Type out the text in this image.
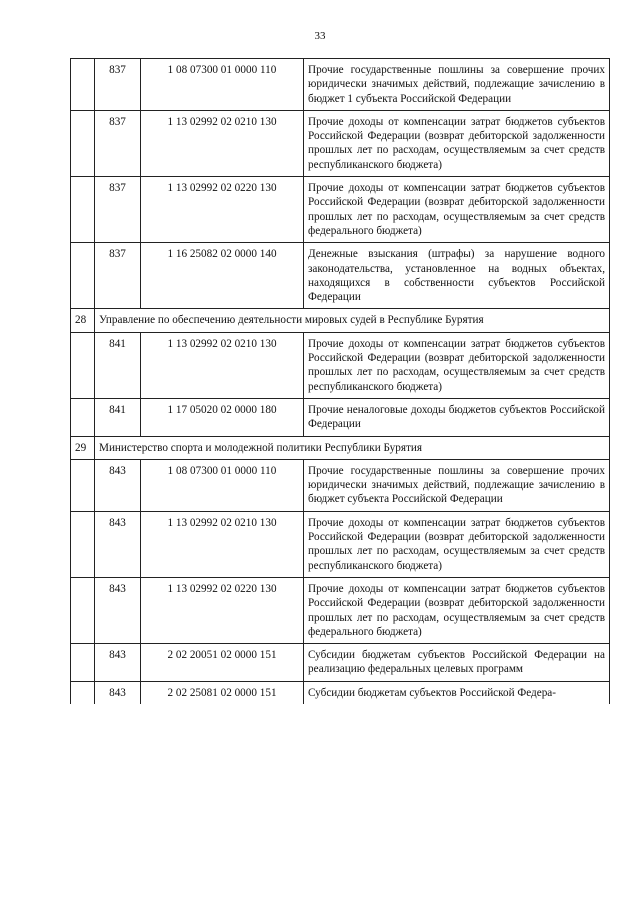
33
	837	1 08 07300 01 0000 110	Прочие государственные пошлины за совершение прочих юридически значимых действий, подлежащие зачислению в бюджет 1 субъекта Российской Федерации
	837	1 13 02992 02 0210 130	Прочие доходы от компенсации затрат бюджетов субъектов Российской Федерации (возврат дебиторской задолженности прошлых лет по расходам, осуществляемым за счет средств республиканского бюджета)
	837	1 13 02992 02 0220 130	Прочие доходы от компенсации затрат бюджетов субъектов Российской Федерации (возврат дебиторской задолженности прошлых лет по расходам, осуществляемым за счет средств федерального бюджета)
	837	1 16 25082 02 0000 140	Денежные взыскания (штрафы) за нарушение водного законодательства, установленное на водных объектах, находящихся в собственности субъектов Российской Федерации
28	Управление по обеспечению деятельности мировых судей в Республике Бурятия		
	841	1 13 02992 02 0210 130	Прочие доходы от компенсации затрат бюджетов субъектов Российской Федерации (возврат дебиторской задолженности прошлых лет по расходам, осуществляемым за счет средств республиканского бюджета)
	841	1 17 05020 02 0000 180	Прочие неналоговые доходы бюджетов субъектов Российской Федерации
29	Министерство спорта и молодежной политики Республики Бурятия		
	843	1 08 07300 01 0000 110	Прочие государственные пошлины за совершение прочих юридически значимых действий, подлежащие зачислению в бюджет субъекта Российской Федерации
	843	1 13 02992 02 0210 130	Прочие доходы от компенсации затрат бюджетов субъектов Российской Федерации (возврат дебиторской задолженности прошлых лет по расходам, осуществляемым за счет средств республиканского бюджета)
	843	1 13 02992 02 0220 130	Прочие доходы от компенсации затрат бюджетов субъектов Российской Федерации (возврат дебиторской задолженности прошлых лет по расходам, осуществляемым за счет средств федерального бюджета)
	843	2 02 20051 02 0000 151	Субсидии бюджетам субъектов Российской Федерации на реализацию федеральных целевых программ
	843	2 02 25081 02 0000 151	Субсидии бюджетам субъектов Российской Федера-
